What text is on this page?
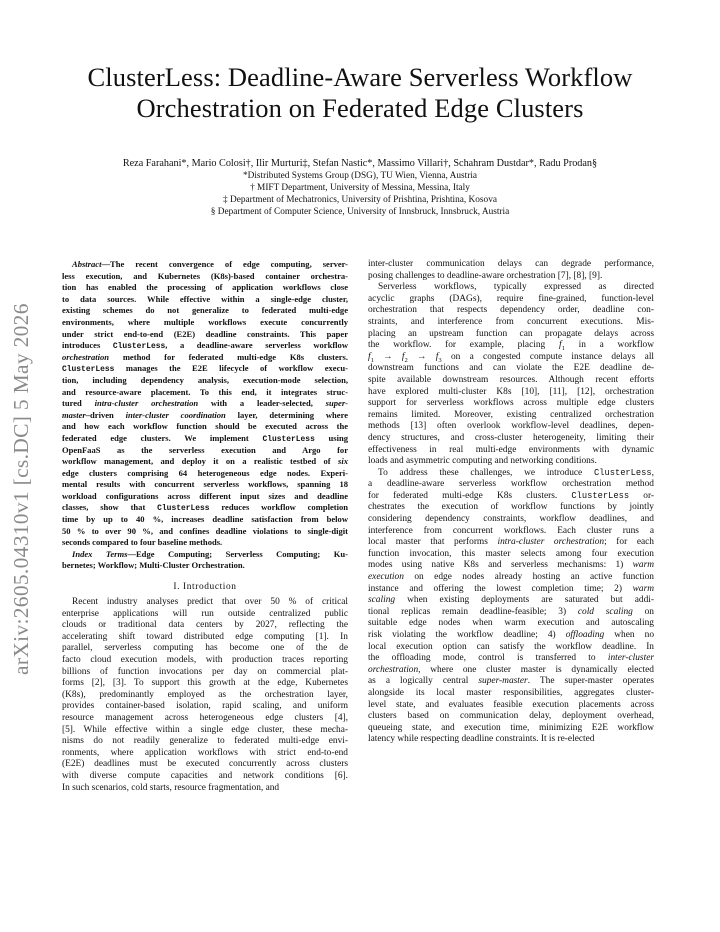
arXiv:2605.04310v1 [cs.DC] 5 May 2026
ClusterLess: Deadline-Aware Serverless Workflow
Orchestration on Federated Edge Clusters
Reza Farahani*, Mario Colosi†, Ilir Murturi‡, Stefan Nastic*, Massimo Villari†, Schahram Dustdar*, Radu Prodan§
*Distributed Systems Group (DSG), TU Wien, Vienna, Austria
† MIFT Department, University of Messina, Messina, Italy
‡ Department of Mechatronics, University of Prishtina, Prishtina, Kosova
§ Department of Computer Science, University of Innsbruck, Innsbruck, Austria
Abstract—The recent convergence of edge computing, server-
less execution, and Kubernetes (K8s)-based container orchestra-
tion has enabled the processing of application workflows close
to data sources. While effective within a single-edge cluster,
existing schemes do not generalize to federated multi-edge
environments, where multiple workflows execute concurrently
under strict end-to-end (E2E) deadline constraints. This paper
introduces ClusterLess, a deadline-aware serverless workflow
orchestration method for federated multi-edge K8s clusters.
ClusterLess manages the E2E lifecycle of workflow execu-
tion, including dependency analysis, execution-mode selection,
and resource-aware placement. To this end, it integrates struc-
tured intra-cluster orchestration with a leader-selected, super-
master–driven inter-cluster coordination layer, determining where
and how each workflow function should be executed across the
federated edge clusters. We implement ClusterLess using
OpenFaaS as the serverless execution and Argo for
workflow management, and deploy it on a realistic testbed of six
edge clusters comprising 64 heterogeneous edge nodes. Experi-
mental results with concurrent serverless workflows, spanning 18
workload configurations across different input sizes and deadline
classes, show that ClusterLess reduces workflow completion
time by up to 40 %, increases deadline satisfaction from below
50 % to over 90 %, and confines deadline violations to single-digit
seconds compared to four baseline methods.
Index Terms—Edge Computing; Serverless Computing; Ku-
bernetes; Workflow; Multi-Cluster Orchestration.
I. Introduction
Recent industry analyses predict that over 50 % of critical
enterprise applications will run outside centralized public
clouds or traditional data centers by 2027, reflecting the
accelerating shift toward distributed edge computing [1]. In
parallel, serverless computing has become one of the de
facto cloud execution models, with production traces reporting
billions of function invocations per day on commercial plat-
forms [2], [3]. To support this growth at the edge, Kubernetes
(K8s), predominantly employed as the orchestration layer,
provides container-based isolation, rapid scaling, and uniform
resource management across heterogeneous edge clusters [4],
[5]. While effective within a single edge cluster, these mecha-
nisms do not readily generalize to federated multi-edge envi-
ronments, where application workflows with strict end-to-end
(E2E) deadlines must be executed concurrently across clusters
with diverse compute capacities and network conditions [6].
In such scenarios, cold starts, resource fragmentation, and
inter-cluster communication delays can degrade performance,
posing challenges to deadline-aware orchestration [7], [8], [9].
Serverless workflows, typically expressed as directed
acyclic graphs (DAGs), require fine-grained, function-level
orchestration that respects dependency order, deadline con-
straints, and interference from concurrent executions. Mis-
placing an upstream function can propagate delays across
the workflow. for example, placing $f_1$ in a workflow
$f_1 \to f_2 \to f_3$ on a congested compute instance delays all
downstream functions and can violate the E2E deadline de-
spite available downstream resources. Although recent efforts
have explored multi-cluster K8s [10], [11], [12], orchestration
support for serverless workflows across multiple edge clusters
remains limited. Moreover, existing centralized orchestration
methods [13] often overlook workflow-level deadlines, depen-
dency structures, and cross-cluster heterogeneity, limiting their
effectiveness in real multi-edge environments with dynamic
loads and asymmetric computing and networking conditions.
To address these challenges, we introduce ClusterLess,
a deadline-aware serverless workflow orchestration method
for federated multi-edge K8s clusters. ClusterLess or-
chestrates the execution of workflow functions by jointly
considering dependency constraints, workflow deadlines, and
interference from concurrent workflows. Each cluster runs a
local master that performs intra-cluster orchestration; for each
function invocation, this master selects among four execution
modes using native K8s and serverless mechanisms: 1) warm
execution on edge nodes already hosting an active function
instance and offering the lowest completion time; 2) warm
scaling when existing deployments are saturated but addi-
tional replicas remain deadline-feasible; 3) cold scaling on
suitable edge nodes when warm execution and autoscaling
risk violating the workflow deadline; 4) offloading when no
local execution option can satisfy the workflow deadline. In
the offloading mode, control is transferred to inter-cluster
orchestration, where one cluster master is dynamically elected
as a logically central super-master. The super-master operates
alongside its local master responsibilities, aggregates cluster-
level state, and evaluates feasible execution placements across
clusters based on communication delay, deployment overhead,
queueing state, and execution time, minimizing E2E workflow
latency while respecting deadline constraints. It is re-elected
